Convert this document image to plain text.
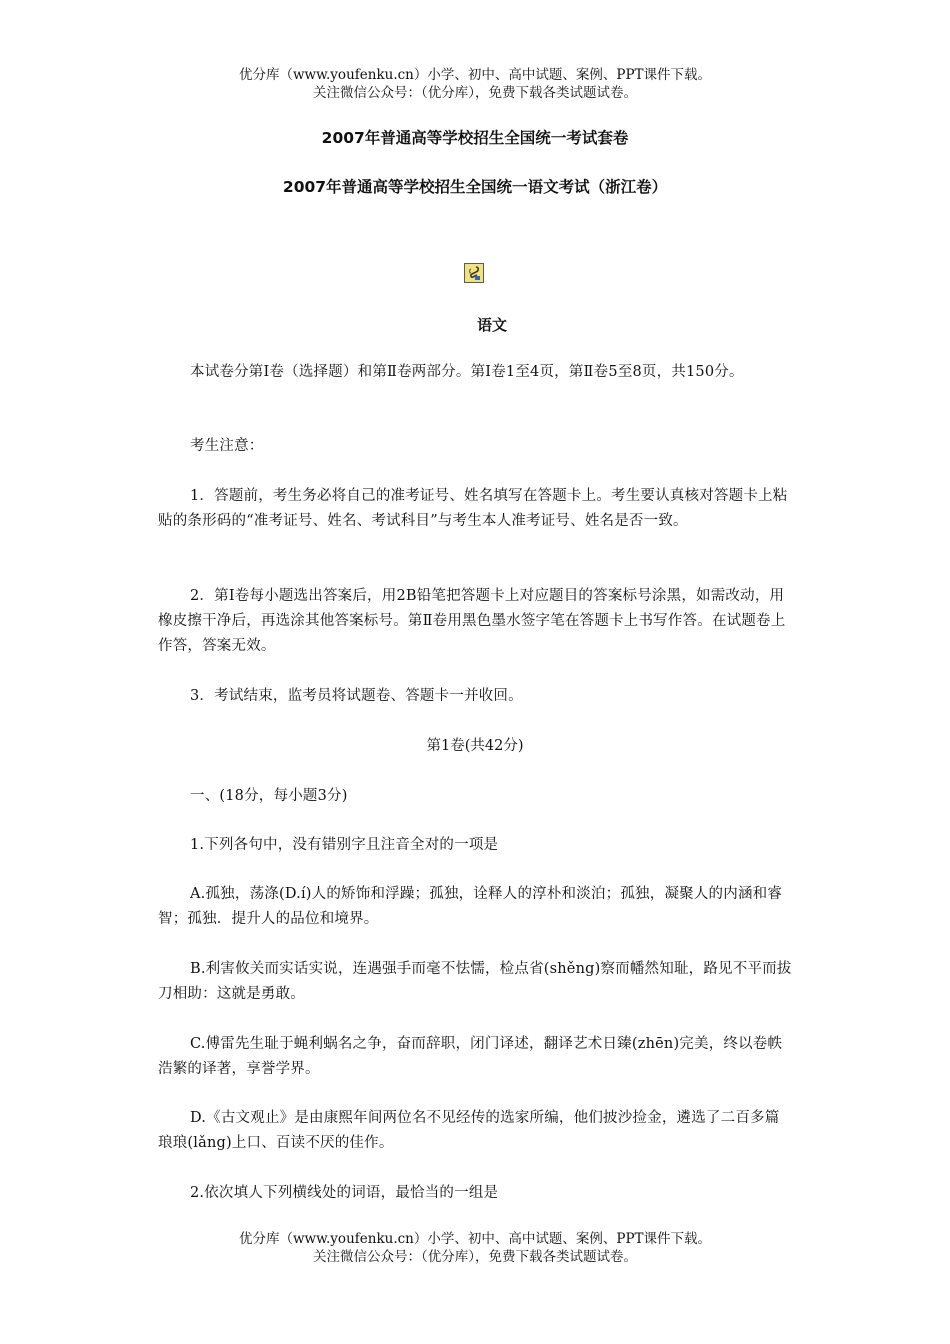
优分库（www.youfenku.cn）小学、初中、高中试题、案例、PPT课件下载。
关注微信公众号：（优分库），免费下载各类试题试卷。
2007年普通高等学校招生全国统一考试套卷
2007年普通高等学校招生全国统一语文考试（浙江卷）
语文
本试卷分第Ⅰ卷（选择题）和第Ⅱ卷两部分。第Ⅰ卷1至4页，第Ⅱ卷5至8页，共150分。
考生注意：
1．答题前，考生务必将自己的准考证号、姓名填写在答题卡上。考生要认真核对答题卡上粘贴的条形码的“准考证号、姓名、考试科目”与考生本人准考证号、姓名是否一致。
2．第Ⅰ卷每小题选出答案后，用2B铅笔把答题卡上对应题目的答案标号涂黑，如需改动，用橡皮擦干净后，再选涂其他答案标号。第Ⅱ卷用黑色墨水签字笔在答题卡上书写作答。在试题卷上作答，答案无效。
3．考试结束，监考员将试题卷、答题卡一并收回。
第1卷(共42分)
一、(18分，每小题3分)
1.下列各句中，没有错别字且注音全对的一项是
A.孤独，荡涤(D.í)人的矫饰和浮躁；孤独，诠释人的淳朴和淡泊；孤独，凝聚人的内涵和睿智；孤独．提升人的品位和境界。
B.利害攸关而实话实说，连遇强手而毫不怯懦，检点省(shěng)察而幡然知耻，路见不平而拔刀相助：这就是勇敢。
C.傅雷先生耻于蝇利蜗名之争，奋而辞职，闭门译述，翻译艺术日臻(zhēn)完美，终以卷帙浩繁的译著，享誉学界。
D.《古文观止》是由康熙年间两位名不见经传的选家所编，他们披沙捡金，遴选了二百多篇琅琅(lǎng)上口、百读不厌的佳作。
2.依次填人下列横线处的词语，最恰当的一组是
优分库（www.youfenku.cn）小学、初中、高中试题、案例、PPT课件下载。
关注微信公众号：（优分库），免费下载各类试题试卷。
